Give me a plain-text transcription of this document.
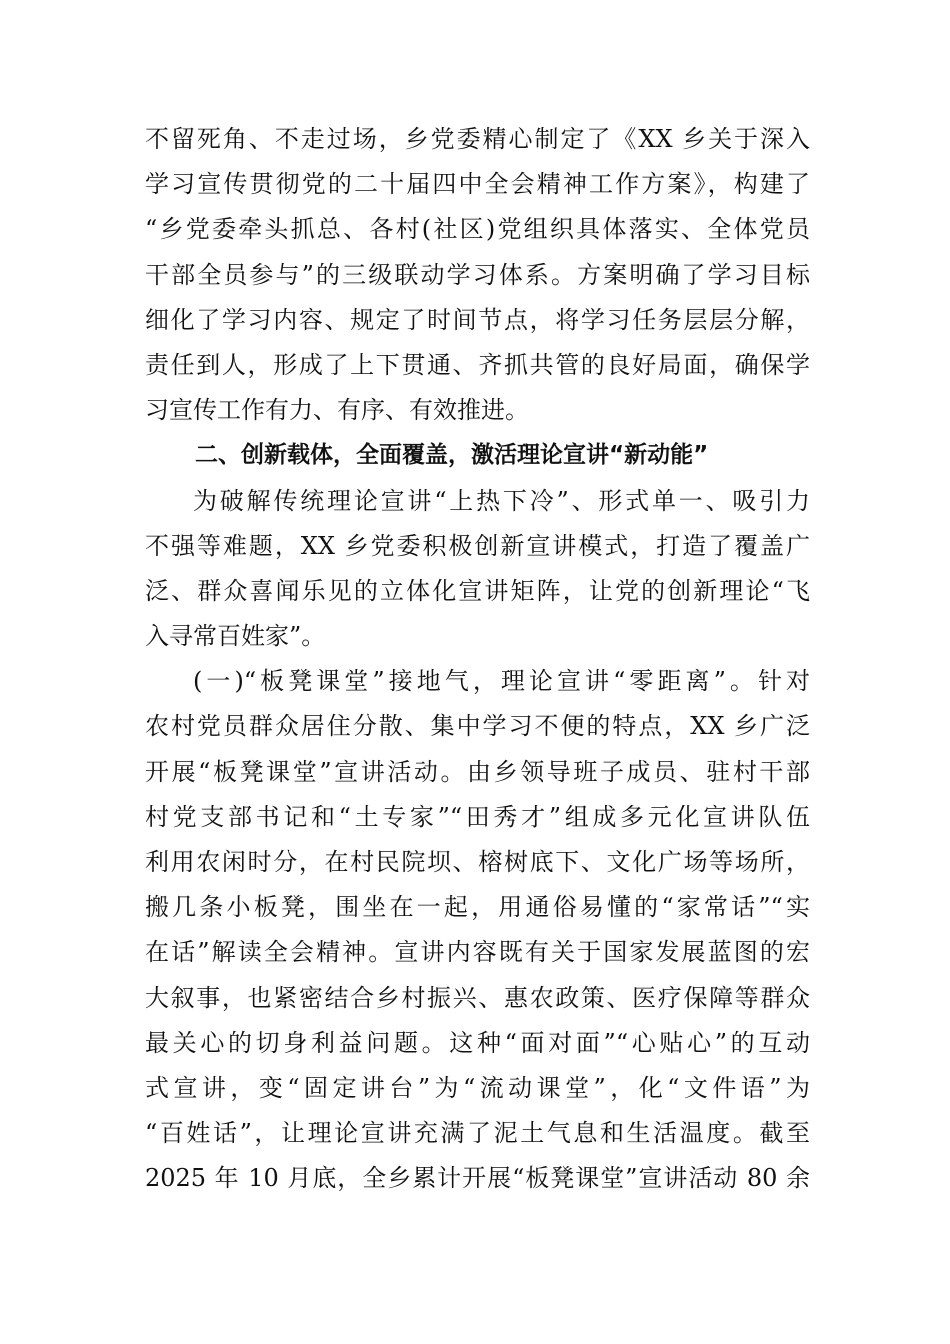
不留死角、不走过场，乡党委精心制定了《XX 乡关于深入
学习宣传贯彻党的二十届四中全会精神工作方案》，构建了
“乡党委牵头抓总、各村(社区)党组织具体落实、全体党员
干部全员参与”的三级联动学习体系。方案明确了学习目标
细化了学习内容、规定了时间节点，将学习任务层层分解，
责任到人，形成了上下贯通、齐抓共管的良好局面，确保学
习宣传工作有力、有序、有效推进。
二、创新载体，全面覆盖，激活理论宣讲“新动能”
为破解传统理论宣讲“上热下冷”、形式单一、吸引力
不强等难题，XX 乡党委积极创新宣讲模式，打造了覆盖广
泛、群众喜闻乐见的立体化宣讲矩阵，让党的创新理论“飞
入寻常百姓家”。
(一)“板凳课堂”接地气，理论宣讲“零距离”。针对
农村党员群众居住分散、集中学习不便的特点，XX 乡广泛
开展“板凳课堂”宣讲活动。由乡领导班子成员、驻村干部
村党支部书记和“土专家”“田秀才”组成多元化宣讲队伍
利用农闲时分，在村民院坝、榕树底下、文化广场等场所，
搬几条小板凳，围坐在一起，用通俗易懂的“家常话”“实
在话”解读全会精神。宣讲内容既有关于国家发展蓝图的宏
大叙事，也紧密结合乡村振兴、惠农政策、医疗保障等群众
最关心的切身利益问题。这种“面对面”“心贴心”的互动
式宣讲，变“固定讲台”为“流动课堂”，化“文件语”为
“百姓话”，让理论宣讲充满了泥土气息和生活温度。截至
2025 年 10 月底，全乡累计开展“板凳课堂”宣讲活动 80 余
